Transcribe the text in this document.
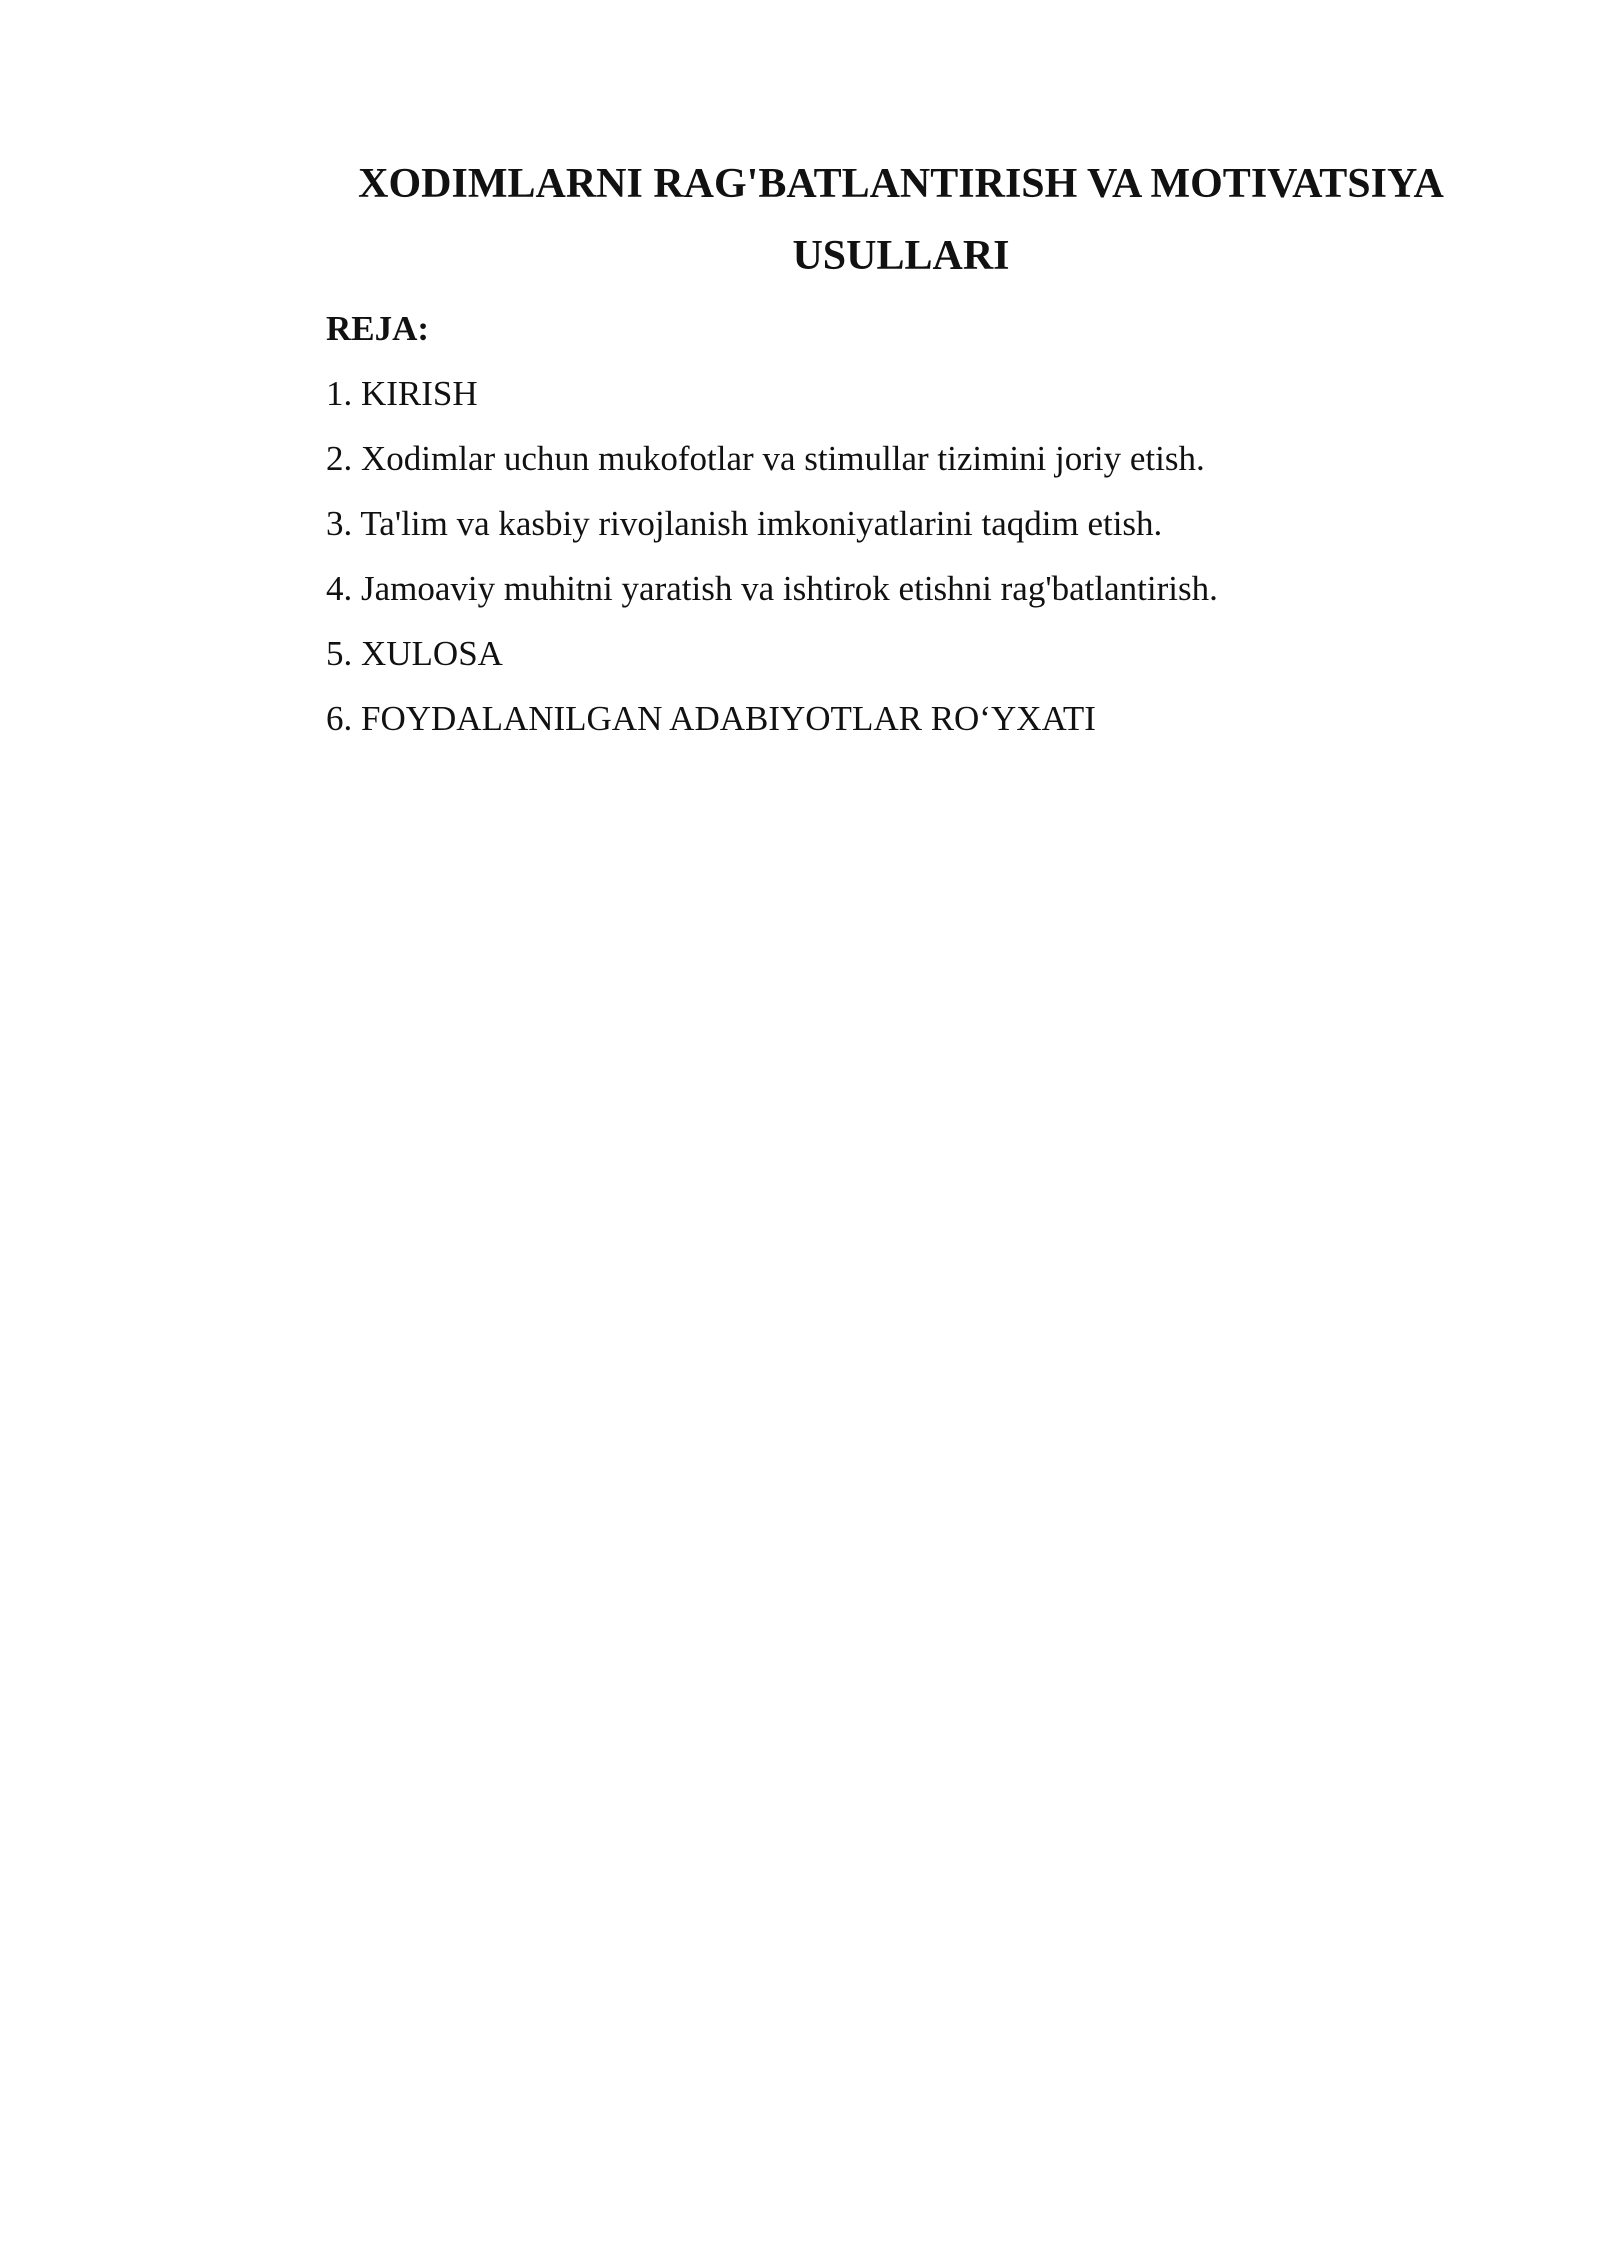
XODIMLARNI RAG'BATLANTIRISH VA MOTIVATSIYA

USULLARI

REJA:

1. KIRISH
2. Xodimlar uchun mukofotlar va stimullar tizimini joriy etish.
3. Ta'lim va kasbiy rivojlanish imkoniyatlarini taqdim etish.
4. Jamoaviy muhitni yaratish va ishtirok etishni rag'batlantirish.
5. XULOSA
6. FOYDALANILGAN ADABIYOTLAR RO‘YXATI
